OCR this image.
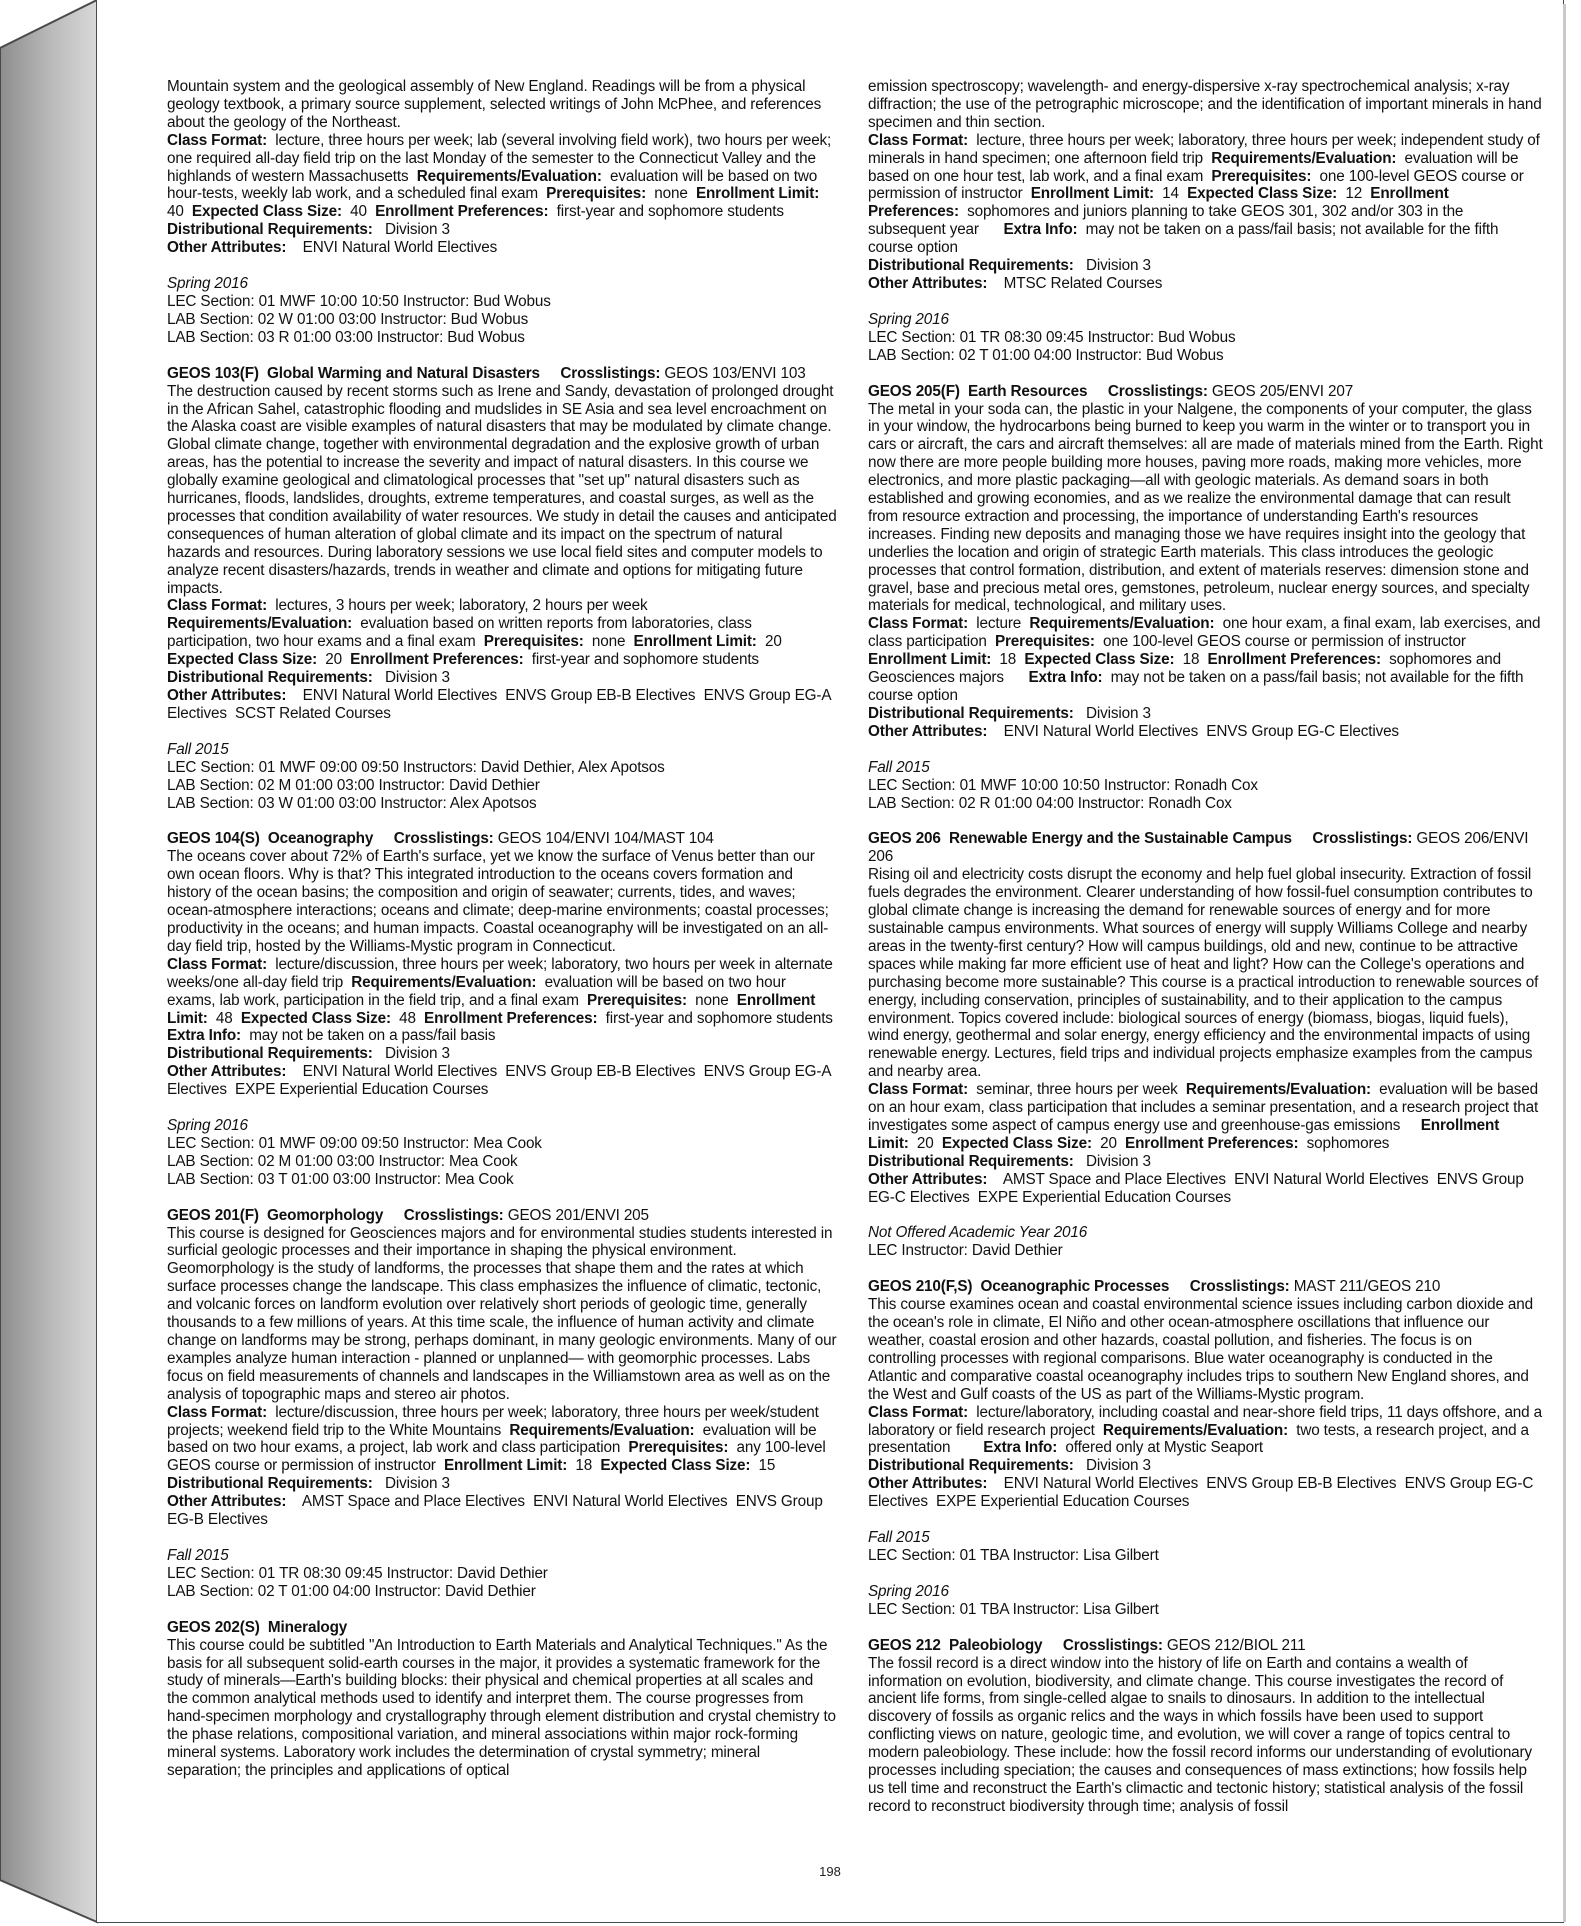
Mountain system and the geological assembly of New England. Readings will be from a physical geology textbook, a primary source supplement, selected writings of John McPhee, and references about the geology of the Northeast.
Class Format:  lecture, three hours per week; lab (several involving field work), two hours per week; one required all-day field trip on the last Monday of the semester to the Connecticut Valley and the highlands of western Massachusetts  Requirements/Evaluation:  evaluation will be based on two hour-tests, weekly lab work, and a scheduled final exam  Prerequisites:  none  Enrollment Limit:  40  Expected Class Size:  40  Enrollment Preferences:  first-year and sophomore students
Distributional Requirements:   Division 3
Other Attributes:    ENVI Natural World Electives
Spring 2016
LEC Section: 01 MWF 10:00 10:50 Instructor: Bud Wobus
LAB Section: 02 W 01:00 03:00 Instructor: Bud Wobus
LAB Section: 03 R 01:00 03:00 Instructor: Bud Wobus
GEOS 103(F)  Global Warming and Natural Disasters     Crosslistings: GEOS 103/ENVI 103
The destruction caused by recent storms such as Irene and Sandy, devastation of prolonged drought in the African Sahel, catastrophic flooding and mudslides in SE Asia and sea level encroachment on the Alaska coast are visible examples of natural disasters that may be modulated by climate change. Global climate change, together with environmental degradation and the explosive growth of urban areas, has the potential to increase the severity and impact of natural disasters. In this course we globally examine geological and climatological processes that "set up" natural disasters such as hurricanes, floods, landslides, droughts, extreme temperatures, and coastal surges, as well as the processes that condition availability of water resources. We study in detail the causes and anticipated consequences of human alteration of global climate and its impact on the spectrum of natural hazards and resources. During laboratory sessions we use local field sites and computer models to analyze recent disasters/hazards, trends in weather and climate and options for mitigating future impacts.
Class Format:  lectures, 3 hours per week; laboratory, 2 hours per week
Requirements/Evaluation:  evaluation based on written reports from laboratories, class participation, two hour exams and a final exam  Prerequisites:  none  Enrollment Limit:  20  Expected Class Size:  20  Enrollment Preferences:  first-year and sophomore students
Distributional Requirements:   Division 3
Other Attributes:    ENVI Natural World Electives  ENVS Group EB-B Electives  ENVS Group EG-A Electives  SCST Related Courses
Fall 2015
LEC Section: 01 MWF 09:00 09:50 Instructors: David Dethier, Alex Apotsos
LAB Section: 02 M 01:00 03:00 Instructor: David Dethier
LAB Section: 03 W 01:00 03:00 Instructor: Alex Apotsos
GEOS 104(S)  Oceanography     Crosslistings: GEOS 104/ENVI 104/MAST 104
The oceans cover about 72% of Earth's surface, yet we know the surface of Venus better than our own ocean floors. Why is that? This integrated introduction to the oceans covers formation and history of the ocean basins; the composition and origin of seawater; currents, tides, and waves; ocean-atmosphere interactions; oceans and climate; deep-marine environments; coastal processes; productivity in the oceans; and human impacts. Coastal oceanography will be investigated on an all-day field trip, hosted by the Williams-Mystic program in Connecticut.
Class Format:  lecture/discussion, three hours per week; laboratory, two hours per week in alternate weeks/one all-day field trip  Requirements/Evaluation:  evaluation will be based on two hour exams, lab work, participation in the field trip, and a final exam  Prerequisites:  none  Enrollment Limit:  48  Expected Class Size:  48  Enrollment Preferences:  first-year and sophomore students       Extra Info:  may not be taken on a pass/fail basis
Distributional Requirements:   Division 3
Other Attributes:    ENVI Natural World Electives  ENVS Group EB-B Electives  ENVS Group EG-A Electives  EXPE Experiential Education Courses
Spring 2016
LEC Section: 01 MWF 09:00 09:50 Instructor: Mea Cook
LAB Section: 02 M 01:00 03:00 Instructor: Mea Cook
LAB Section: 03 T 01:00 03:00 Instructor: Mea Cook
GEOS 201(F)  Geomorphology     Crosslistings: GEOS 201/ENVI 205
This course is designed for Geosciences majors and for environmental studies students interested in surficial geologic processes and their importance in shaping the physical environment. Geomorphology is the study of landforms, the processes that shape them and the rates at which surface processes change the landscape. This class emphasizes the influence of climatic, tectonic, and volcanic forces on landform evolution over relatively short periods of geologic time, generally thousands to a few millions of years. At this time scale, the influence of human activity and climate change on landforms may be strong, perhaps dominant, in many geologic environments. Many of our examples analyze human interaction - planned or unplanned— with geomorphic processes. Labs focus on field measurements of channels and landscapes in the Williamstown area as well as on the analysis of topographic maps and stereo air photos.
Class Format:  lecture/discussion, three hours per week; laboratory, three hours per week/student projects; weekend field trip to the White Mountains  Requirements/Evaluation:  evaluation will be based on two hour exams, a project, lab work and class participation  Prerequisites:  any 100-level GEOS course or permission of instructor  Enrollment Limit:  18  Expected Class Size:  15
Distributional Requirements:   Division 3
Other Attributes:    AMST Space and Place Electives  ENVI Natural World Electives  ENVS Group EG-B Electives
Fall 2015
LEC Section: 01 TR 08:30 09:45 Instructor: David Dethier
LAB Section: 02 T 01:00 04:00 Instructor: David Dethier
GEOS 202(S)  Mineralogy
This course could be subtitled "An Introduction to Earth Materials and Analytical Techniques." As the basis for all subsequent solid-earth courses in the major, it provides a systematic framework for the study of minerals—Earth's building blocks: their physical and chemical properties at all scales and the common analytical methods used to identify and interpret them. The course progresses from hand-specimen morphology and crystallography through element distribution and crystal chemistry to the phase relations, compositional variation, and mineral associations within major rock-forming mineral systems. Laboratory work includes the determination of crystal symmetry; mineral separation; the principles and applications of optical
emission spectroscopy; wavelength- and energy-dispersive x-ray spectrochemical analysis; x-ray diffraction; the use of the petrographic microscope; and the identification of important minerals in hand specimen and thin section.
Class Format:  lecture, three hours per week; laboratory, three hours per week; independent study of minerals in hand specimen; one afternoon field trip  Requirements/Evaluation:  evaluation will be based on one hour test, lab work, and a final exam  Prerequisites:  one 100-level GEOS course or permission of instructor  Enrollment Limit:  14  Expected Class Size:  12  Enrollment Preferences:  sophomores and juniors planning to take GEOS 301, 302 and/or 303 in the subsequent year      Extra Info:  may not be taken on a pass/fail basis; not available for the fifth course option
Distributional Requirements:   Division 3
Other Attributes:    MTSC Related Courses
Spring 2016
LEC Section: 01 TR 08:30 09:45 Instructor: Bud Wobus
LAB Section: 02 T 01:00 04:00 Instructor: Bud Wobus
GEOS 205(F)  Earth Resources     Crosslistings: GEOS 205/ENVI 207
The metal in your soda can, the plastic in your Nalgene, the components of your computer, the glass in your window, the hydrocarbons being burned to keep you warm in the winter or to transport you in cars or aircraft, the cars and aircraft themselves: all are made of materials mined from the Earth. Right now there are more people building more houses, paving more roads, making more vehicles, more electronics, and more plastic packaging—all with geologic materials. As demand soars in both established and growing economies, and as we realize the environmental damage that can result from resource extraction and processing, the importance of understanding Earth's resources increases. Finding new deposits and managing those we have requires insight into the geology that underlies the location and origin of strategic Earth materials. This class introduces the geologic processes that control formation, distribution, and extent of materials reserves: dimension stone and gravel, base and precious metal ores, gemstones, petroleum, nuclear energy sources, and specialty materials for medical, technological, and military uses.
Class Format:  lecture  Requirements/Evaluation:  one hour exam, a final exam, lab exercises, and class participation  Prerequisites:  one 100-level GEOS course or permission of instructor  Enrollment Limit:  18  Expected Class Size:  18  Enrollment Preferences:  sophomores and Geosciences majors      Extra Info:  may not be taken on a pass/fail basis; not available for the fifth course option
Distributional Requirements:   Division 3
Other Attributes:    ENVI Natural World Electives  ENVS Group EG-C Electives
Fall 2015
LEC Section: 01 MWF 10:00 10:50 Instructor: Ronadh Cox
LAB Section: 02 R 01:00 04:00 Instructor: Ronadh Cox
GEOS 206  Renewable Energy and the Sustainable Campus     Crosslistings: GEOS 206/ENVI 206
Rising oil and electricity costs disrupt the economy and help fuel global insecurity. Extraction of fossil fuels degrades the environment. Clearer understanding of how fossil-fuel consumption contributes to global climate change is increasing the demand for renewable sources of energy and for more sustainable campus environments. What sources of energy will supply Williams College and nearby areas in the twenty-first century? How will campus buildings, old and new, continue to be attractive spaces while making far more efficient use of heat and light? How can the College's operations and purchasing become more sustainable? This course is a practical introduction to renewable sources of energy, including conservation, principles of sustainability, and to their application to the campus environment. Topics covered include: biological sources of energy (biomass, biogas, liquid fuels), wind energy, geothermal and solar energy, energy efficiency and the environmental impacts of using renewable energy. Lectures, field trips and individual projects emphasize examples from the campus and nearby area.
Class Format:  seminar, three hours per week  Requirements/Evaluation:  evaluation will be based on an hour exam, class participation that includes a seminar presentation, and a research project that investigates some aspect of campus energy use and greenhouse-gas emissions     Enrollment Limit:  20  Expected Class Size:  20  Enrollment Preferences:  sophomores
Distributional Requirements:   Division 3
Other Attributes:    AMST Space and Place Electives  ENVI Natural World Electives  ENVS Group EG-C Electives  EXPE Experiential Education Courses
Not Offered Academic Year 2016
LEC Instructor: David Dethier
GEOS 210(F,S)  Oceanographic Processes     Crosslistings: MAST 211/GEOS 210
This course examines ocean and coastal environmental science issues including carbon dioxide and the ocean's role in climate, El Niño and other ocean-atmosphere oscillations that influence our weather, coastal erosion and other hazards, coastal pollution, and fisheries. The focus is on controlling processes with regional comparisons. Blue water oceanography is conducted in the Atlantic and comparative coastal oceanography includes trips to southern New England shores, and the West and Gulf coasts of the US as part of the Williams-Mystic program.
Class Format:  lecture/laboratory, including coastal and near-shore field trips, 11 days offshore, and a laboratory or field research project  Requirements/Evaluation:  two tests, a research project, and a presentation        Extra Info:  offered only at Mystic Seaport
Distributional Requirements:   Division 3
Other Attributes:    ENVI Natural World Electives  ENVS Group EB-B Electives  ENVS Group EG-C Electives  EXPE Experiential Education Courses
Fall 2015
LEC Section: 01 TBA Instructor: Lisa Gilbert
Spring 2016
LEC Section: 01 TBA Instructor: Lisa Gilbert
GEOS 212  Paleobiology     Crosslistings: GEOS 212/BIOL 211
The fossil record is a direct window into the history of life on Earth and contains a wealth of information on evolution, biodiversity, and climate change. This course investigates the record of ancient life forms, from single-celled algae to snails to dinosaurs. In addition to the intellectual discovery of fossils as organic relics and the ways in which fossils have been used to support conflicting views on nature, geologic time, and evolution, we will cover a range of topics central to modern paleobiology. These include: how the fossil record informs our understanding of evolutionary processes including speciation; the causes and consequences of mass extinctions; how fossils help us tell time and reconstruct the Earth's climactic and tectonic history; statistical analysis of the fossil record to reconstruct biodiversity through time; analysis of fossil
198
